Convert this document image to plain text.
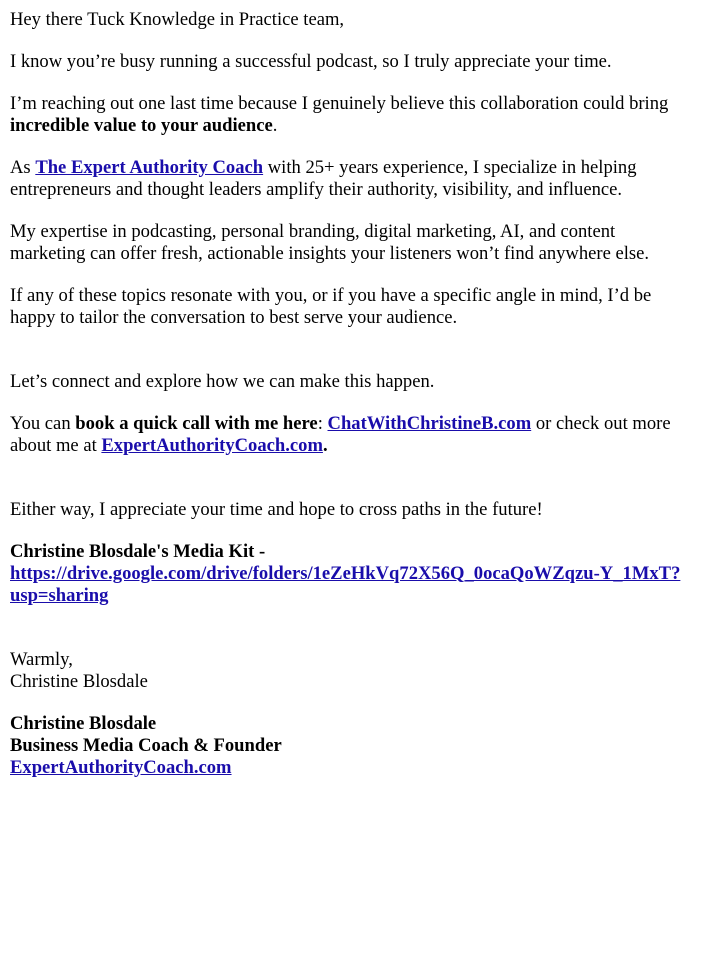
Hey there Tuck Knowledge in Practice team,

I know you’re busy running a successful podcast, so I truly appreciate your time.

I’m reaching out one last time because I genuinely believe this collaboration could bring
incredible value to your audience.
As The Expert Authority Coach with 25+ years experience, I specialize in helping
entrepreneurs and thought leaders amplify their authority, visibility, and influence.
My expertise in podcasting, personal branding, digital marketing, AI, and content
marketing can offer fresh, actionable insights your listeners won’t find anywhere else.
If any of these topics resonate with you, or if you have a specific angle in mind, I’d be
happy to tailor the conversation to best serve your audience.

Let’s connect and explore how we can make this happen.

You can book a quick call with me here: ChatWithChristineB.com or check out more
about me at ExpertAuthorityCoach.com.

Either way, I appreciate your time and hope to cross paths in the future!

Christine Blosdale's Media Kit -
https://drive.google.com/drive/folders/1eZeHkVq72X56Q_0ocaQoWZqzu-Y_1MxT?
usp=sharing
Warmly,
Christine Blosdale
Christine Blosdale
Business Media Coach & Founder
ExpertAuthorityCoach.com
